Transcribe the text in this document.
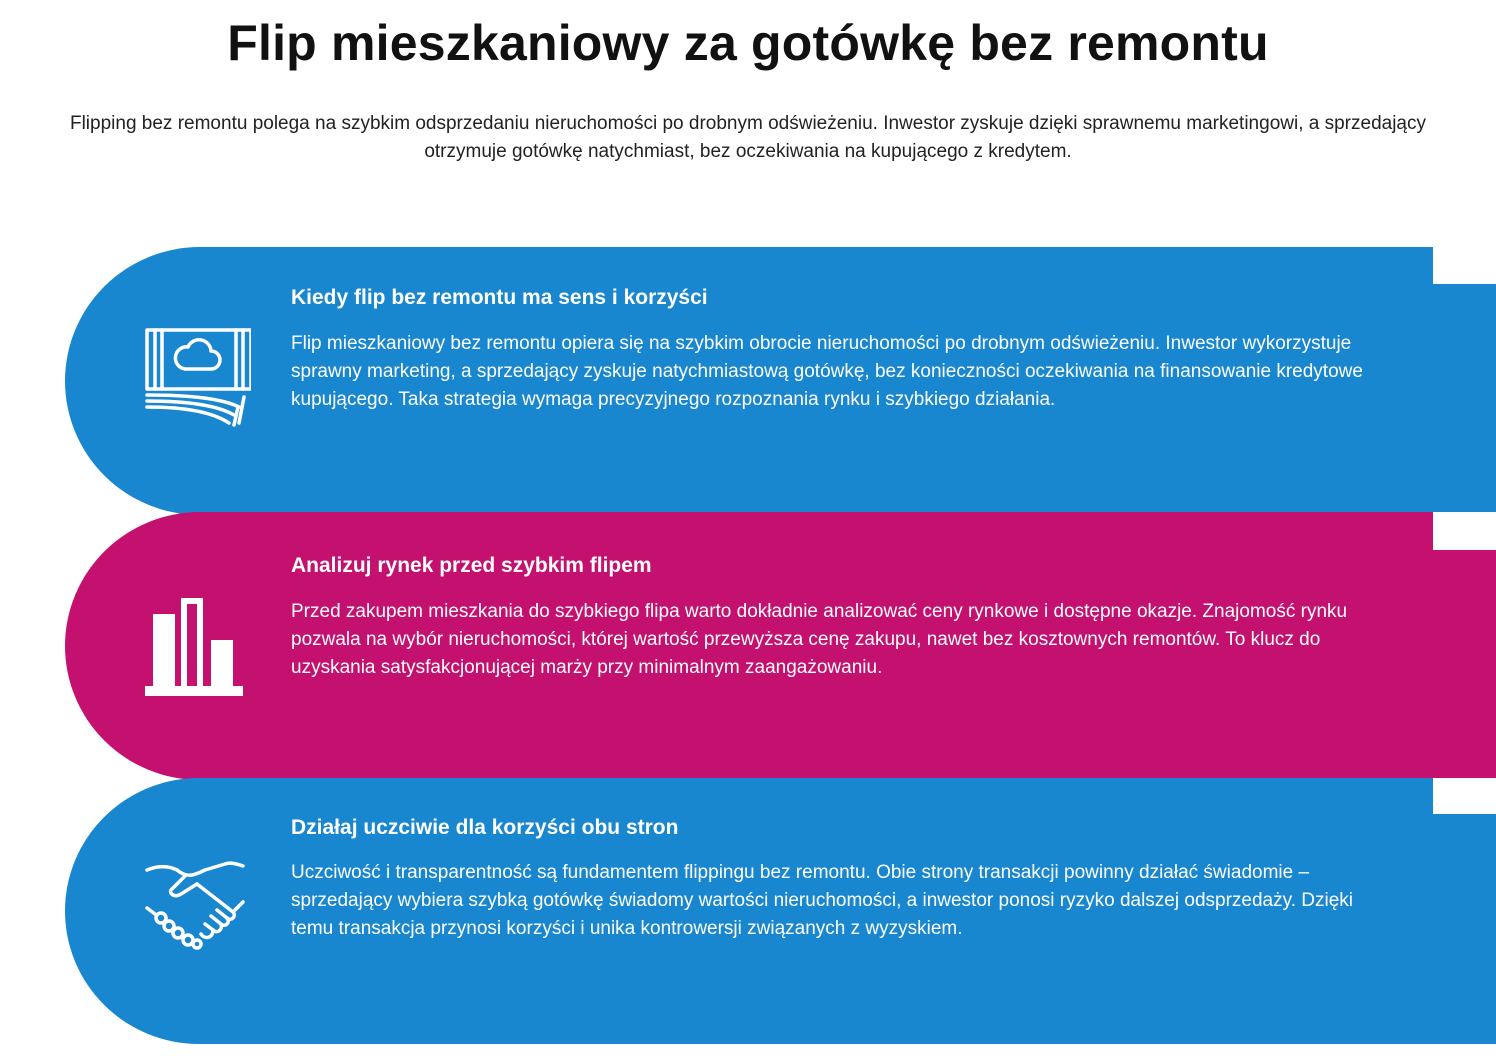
Flip mieszkaniowy za gotówkę bez remontu

Flipping bez remontu polega na szybkim odsprzedaniu nieruchomości po drobnym odświeżeniu. Inwestor zyskuje dzięki sprawnemu marketingowi, a sprzedający otrzymuje gotówkę natychmiast, bez oczekiwania na kupującego z kredytem.

Kiedy flip bez remontu ma sens i korzyści

Flip mieszkaniowy bez remontu opiera się na szybkim obrocie nieruchomości po drobnym odświeżeniu. Inwestor wykorzystuje sprawny marketing, a sprzedający zyskuje natychmiastową gotówkę, bez konieczności oczekiwania na finansowanie kredytowe kupującego. Taka strategia wymaga precyzyjnego rozpoznania rynku i szybkiego działania.

Analizuj rynek przed szybkim flipem

Przed zakupem mieszkania do szybkiego flipa warto dokładnie analizować ceny rynkowe i dostępne okazje. Znajomość rynku pozwala na wybór nieruchomości, której wartość przewyższa cenę zakupu, nawet bez kosztownych remontów. To klucz do uzyskania satysfakcjonującej marży przy minimalnym zaangażowaniu.

Działaj uczciwie dla korzyści obu stron

Uczciwość i transparentność są fundamentem flippingu bez remontu. Obie strony transakcji powinny działać świadomie – sprzedający wybiera szybką gotówkę świadomy wartości nieruchomości, a inwestor ponosi ryzyko dalszej odsprzedaży. Dzięki temu transakcja przynosi korzyści i unika kontrowersji związanych z wyzyskiem.
